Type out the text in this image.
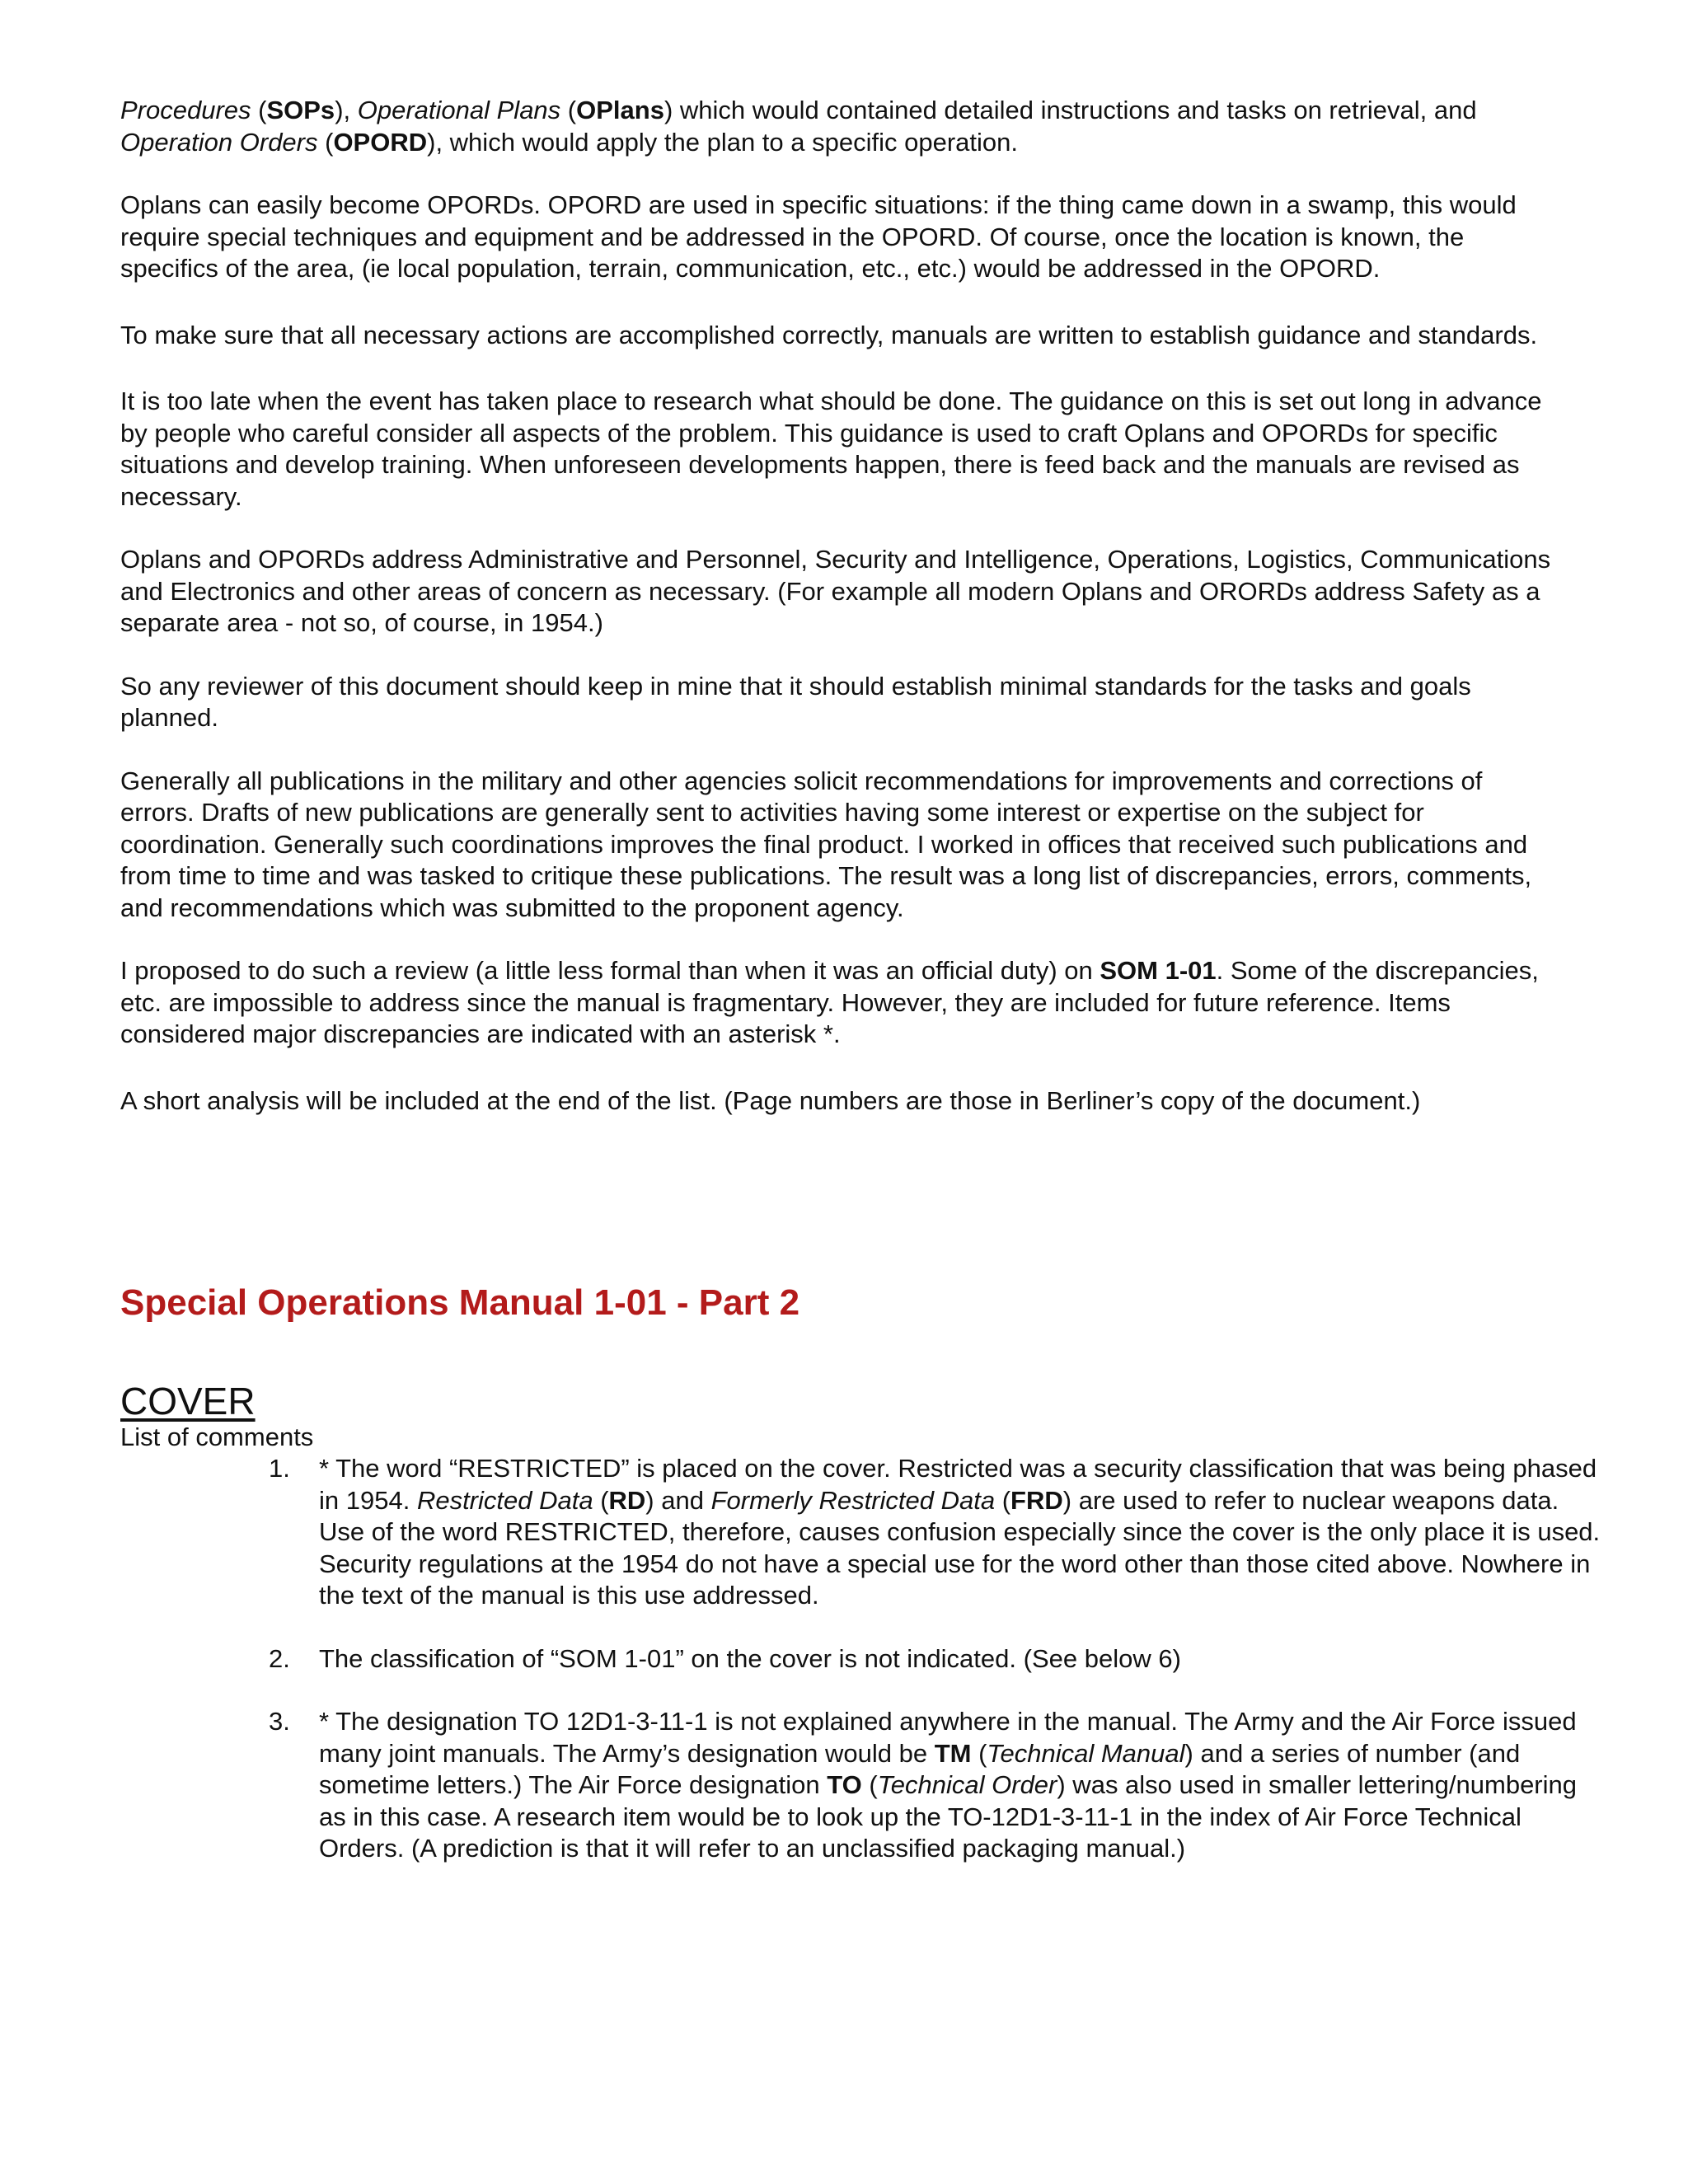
Procedures (SOPs), Operational Plans (OPlans) which would contained detailed instructions and tasks on retrieval, and Operation Orders (OPORD), which would apply the plan to a specific operation.

Oplans can easily become OPORDs. OPORD are used in specific situations: if the thing came down in a swamp, this would require special techniques and equipment and be addressed in the OPORD. Of course, once the location is known, the specifics of the area, (ie local population, terrain, communication, etc., etc.) would be addressed in the OPORD.

To make sure that all necessary actions are accomplished correctly, manuals are written to establish guidance and standards.

It is too late when the event has taken place to research what should be done. The guidance on this is set out long in advance by people who careful consider all aspects of the problem. This guidance is used to craft Oplans and OPORDs for specific situations and develop training. When unforeseen developments happen, there is feed back and the manuals are revised as necessary.

Oplans and OPORDs address Administrative and Personnel, Security and Intelligence, Operations, Logistics, Communications and Electronics and other areas of concern as necessary. (For example all modern Oplans and ORORDs address Safety as a separate area - not so, of course, in 1954.)

So any reviewer of this document should keep in mine that it should establish minimal standards for the tasks and goals planned.

Generally all publications in the military and other agencies solicit recommendations for improvements and corrections of errors. Drafts of new publications are generally sent to activities having some interest or expertise on the subject for coordination. Generally such coordinations improves the final product. I worked in offices that received such publications and from time to time and was tasked to critique these publications. The result was a long list of discrepancies, errors, comments, and recommendations which was submitted to the proponent agency.

I proposed to do such a review (a little less formal than when it was an official duty) on SOM 1-01. Some of the discrepancies, etc. are impossible to address since the manual is fragmentary. However, they are included for future reference. Items considered major discrepancies are indicated with an asterisk *.

A short analysis will be included at the end of the list. (Page numbers are those in Berliner’s copy of the document.)

Special Operations Manual 1-01 - Part 2
COVER
List of comments
1. * The word “RESTRICTED” is placed on the cover. Restricted was a security classification that was being phased in 1954. Restricted Data (RD) and Formerly Restricted Data (FRD) are used to refer to nuclear weapons data. Use of the word RESTRICTED, therefore, causes confusion especially since the cover is the only place it is used. Security regulations at the 1954 do not have a special use for the word other than those cited above. Nowhere in the text of the manual is this use addressed.
2. The classification of “SOM 1-01” on the cover is not indicated. (See below 6)
3. * The designation TO 12D1-3-11-1 is not explained anywhere in the manual. The Army and the Air Force issued many joint manuals. The Army’s designation would be TM (Technical Manual) and a series of number (and sometime letters.) The Air Force designation TO (Technical Order) was also used in smaller lettering/numbering as in this case. A research item would be to look up the TO-12D1-3-11-1 in the index of Air Force Technical Orders. (A prediction is that it will refer to an unclassified packaging manual.)
